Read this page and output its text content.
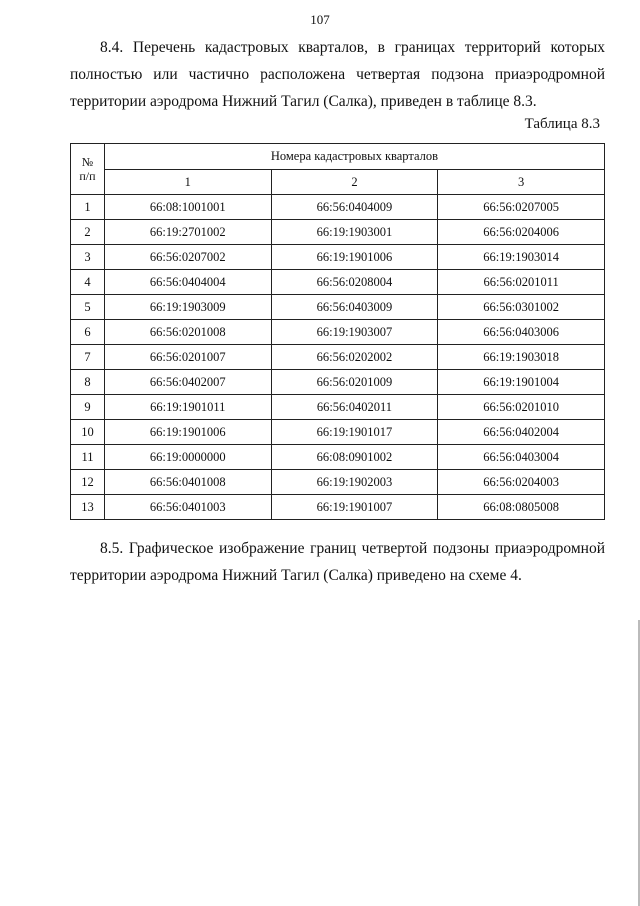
107
8.4. Перечень кадастровых кварталов, в границах территорий которых полностью или частично расположена четвертая подзона приаэродромной территории аэродрома Нижний Тагил (Салка), приведен в таблице 8.3.
Таблица 8.3
№
п/п	Номера кадастровых кварталов		
	1	2	3
1	66:08:1001001	66:56:0404009	66:56:0207005
2	66:19:2701002	66:19:1903001	66:56:0204006
3	66:56:0207002	66:19:1901006	66:19:1903014
4	66:56:0404004	66:56:0208004	66:56:0201011
5	66:19:1903009	66:56:0403009	66:56:0301002
6	66:56:0201008	66:19:1903007	66:56:0403006
7	66:56:0201007	66:56:0202002	66:19:1903018
8	66:56:0402007	66:56:0201009	66:19:1901004
9	66:19:1901011	66:56:0402011	66:56:0201010
10	66:19:1901006	66:19:1901017	66:56:0402004
11	66:19:0000000	66:08:0901002	66:56:0403004
12	66:56:0401008	66:19:1902003	66:56:0204003
13	66:56:0401003	66:19:1901007	66:08:0805008
8.5. Графическое изображение границ четвертой подзоны приаэродромной территории аэродрома Нижний Тагил (Салка) приведено на схеме 4.
